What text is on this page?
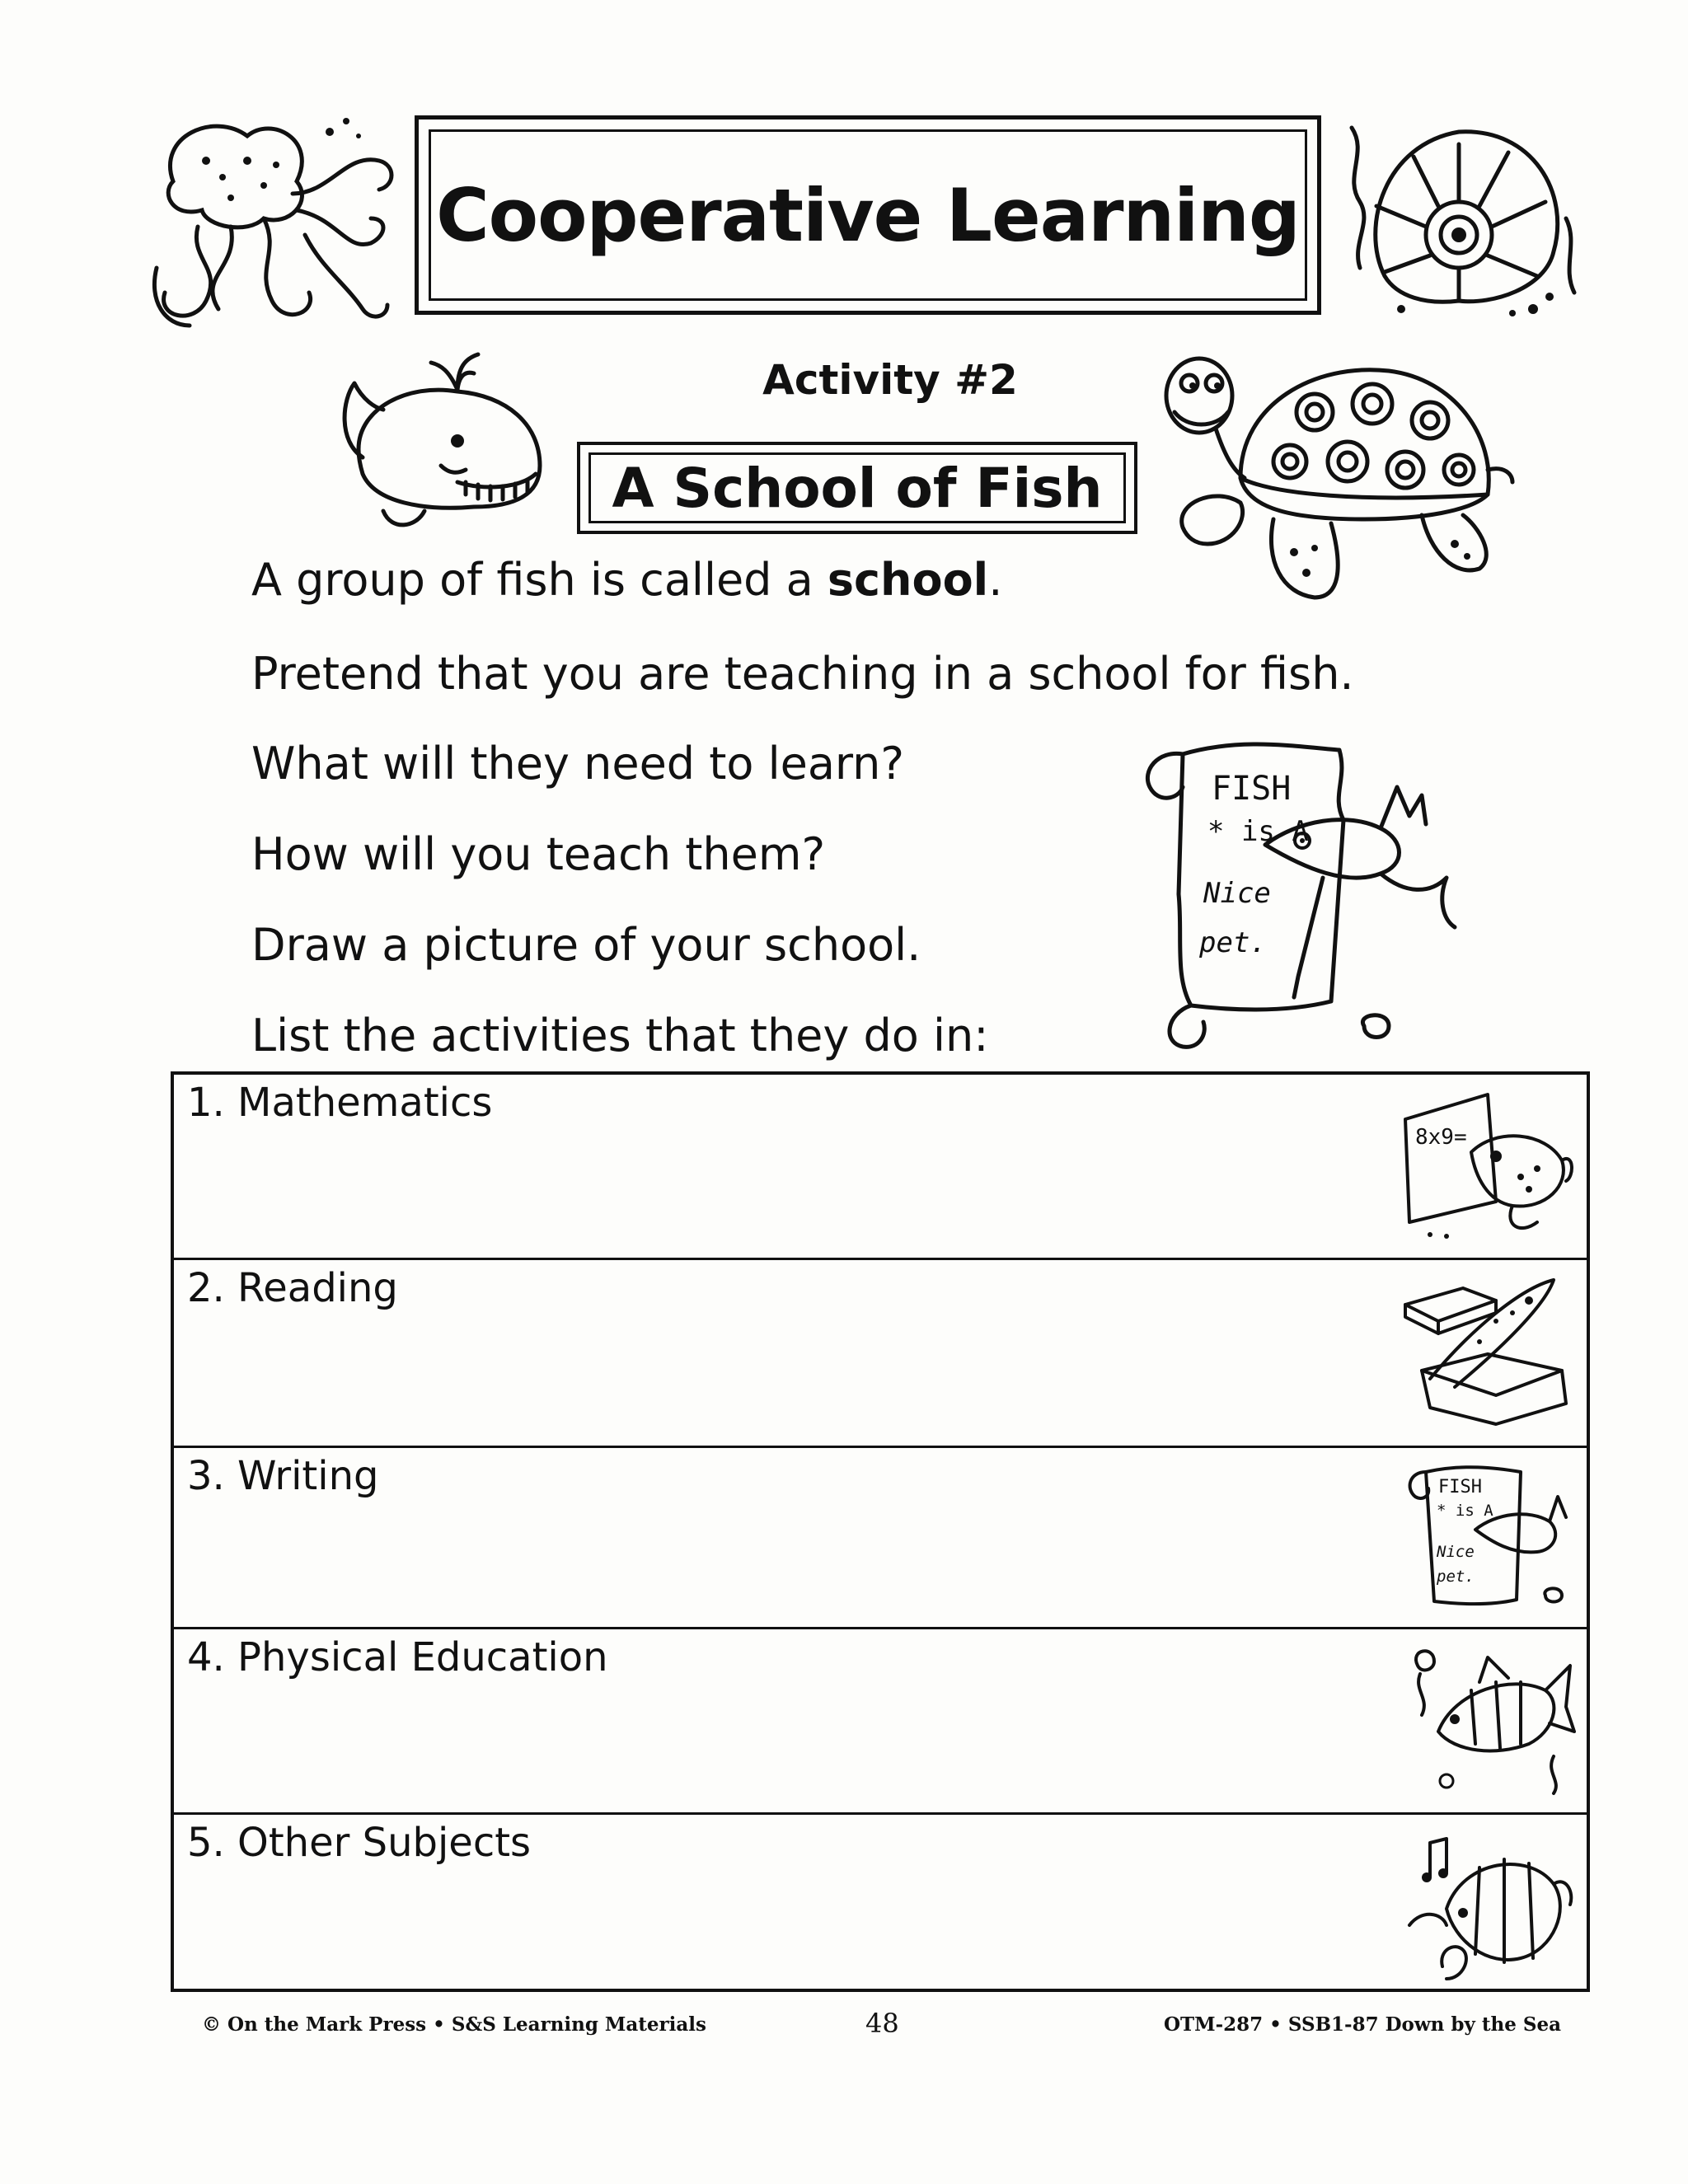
Cooperative Learning
Activity #2
A School of Fish
A group of fish is called a school.
Pretend that you are teaching in a school for fish.
What will they need to learn?
How will you teach them?
Draw a picture of your school.
List the activities that they do in:
FISH
* is A
Nice
pet.
1. Mathematics
8x9=
2. Reading
3. Writing	FISH
* is A
Nice
pet.
4. Physical Education
5. Other Subjects
© On the Mark Press • S&S Learning Materials	48	OTM-287 • SSB1-87 Down by the Sea
